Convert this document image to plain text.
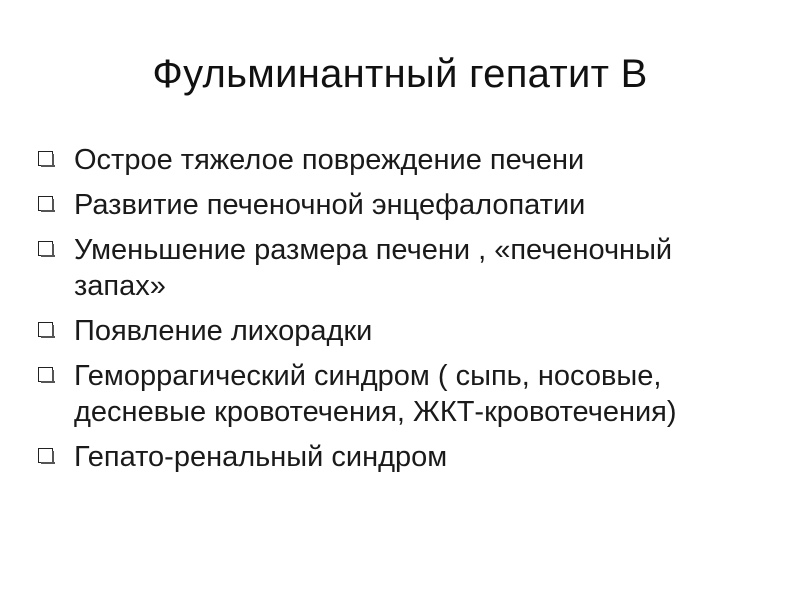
Фульминантный гепатит В
Острое тяжелое повреждение печени
Развитие печеночной энцефалопатии
Уменьшение размера печени , «печеночный запах»
Появление лихорадки
Геморрагический синдром ( сыпь, носовые, десневые кровотечения, ЖКТ-кровотечения)
Гепато-ренальный синдром
